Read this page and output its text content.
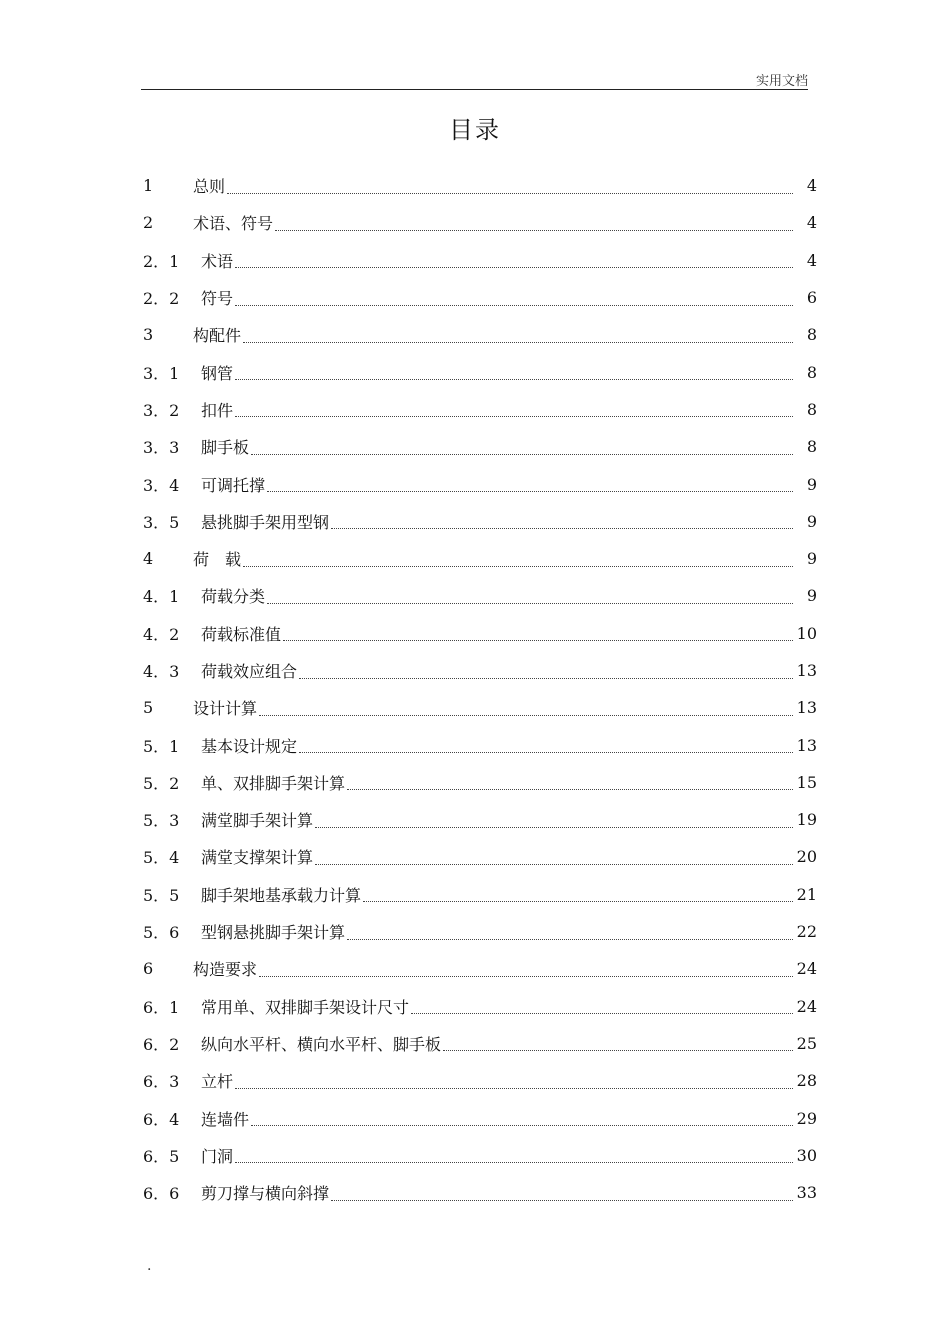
实用文档
目录
1	总则	4
2	术语、符号	4
2．1	术语	4
2．2	符号	6
3	构配件	8
3．1	钢管	8
3．2	扣件	8
3．3	脚手板	8
3．4	可调托撑	9
3．5	悬挑脚手架用型钢	9
4	荷　载	9
4．1	荷载分类	9
4．2	荷载标准值	10
4．3	荷载效应组合	13
5	设计计算	13
5．1	基本设计规定	13
5．2	单、双排脚手架计算	15
5．3	满堂脚手架计算	19
5．4	满堂支撑架计算	20
5．5	脚手架地基承载力计算	21
5．6	型钢悬挑脚手架计算	22
6	构造要求	24
6．1	常用单、双排脚手架设计尺寸	24
6．2	纵向水平杆、横向水平杆、脚手板	25
6．3	立杆	28
6．4	连墙件	29
6．5	门洞	30
6．6	剪刀撑与横向斜撑	33
.
